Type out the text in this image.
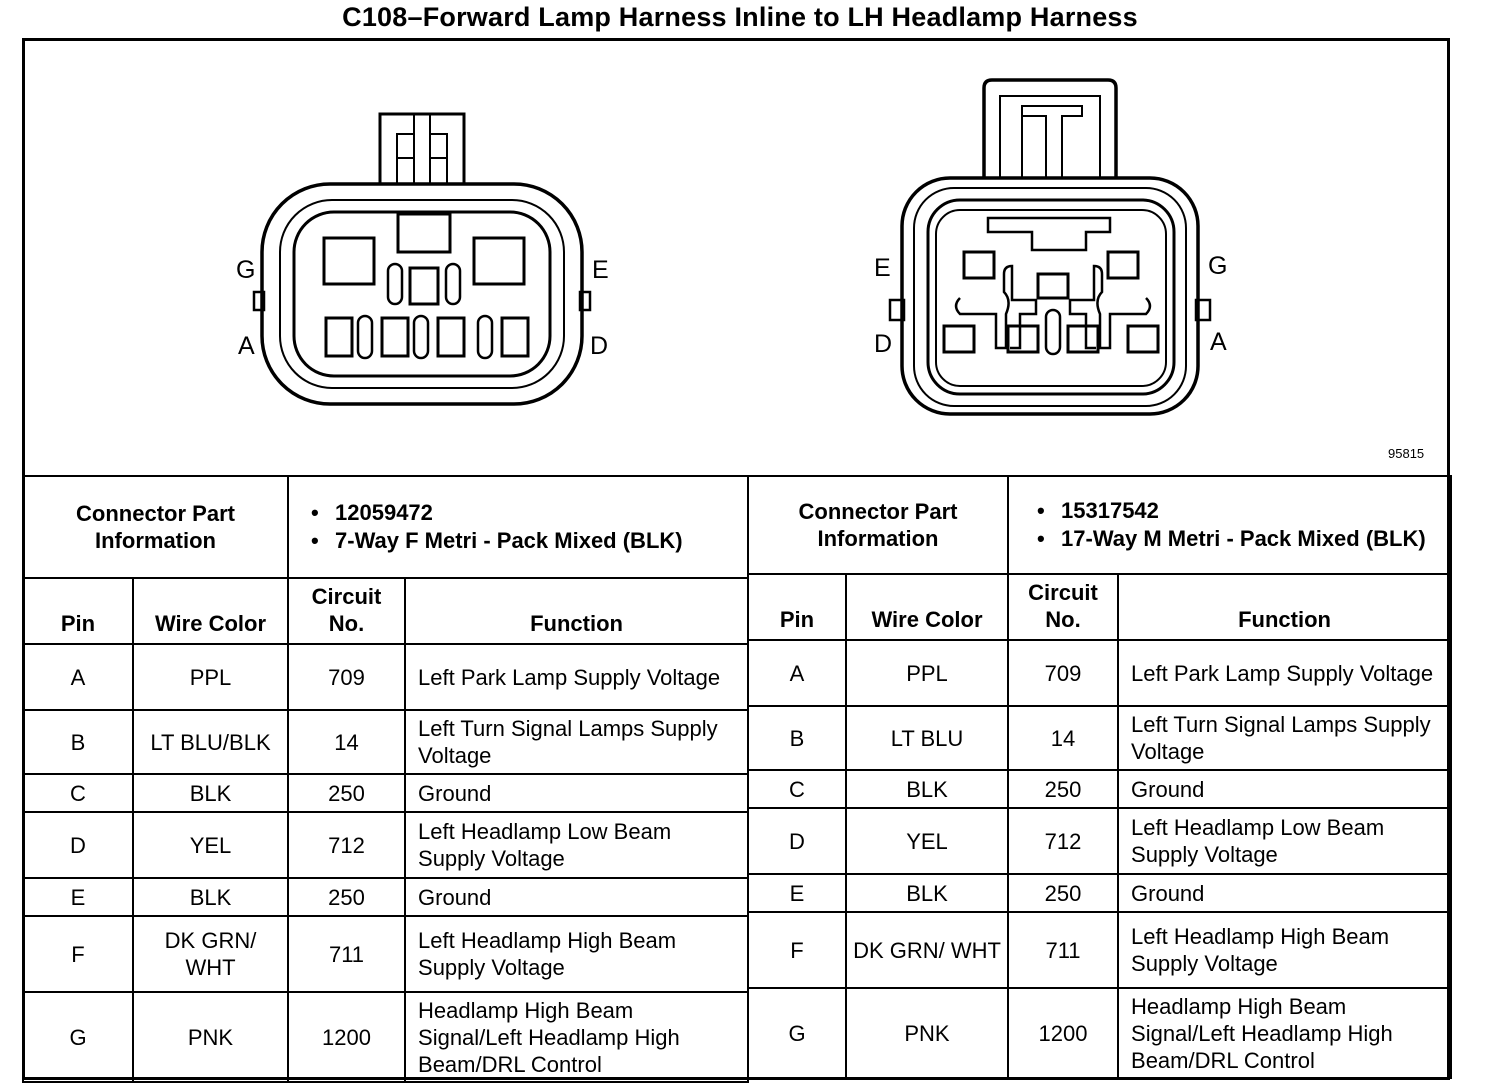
C108–Forward Lamp Harness Inline to LH Headlamp Harness
G
A
E
D
E
D
G
A
95815
Connector Part Information		• 12059472
• 7-Way F Metri - Pack Mixed (BLK)	

Pin	Wire Color	Circuit No.	Function
A	PPL	709	Left Park Lamp Supply Voltage
B	LT BLU/BLK	14	Left Turn Signal Lamps Supply Voltage
C	BLK	250	Ground
D	YEL	712	Left Headlamp Low Beam Supply Voltage
E	BLK	250	Ground
F	DK GRN/ WHT	711	Left Headlamp High Beam Supply Voltage
G	PNK	1200	Headlamp High Beam Signal/Left Headlamp High Beam/DRL Control
Connector Part Information		• 15317542
• 17-Way M Metri - Pack Mixed (BLK)	

Pin	Wire Color	Circuit No.	Function
A	PPL	709	Left Park Lamp Supply Voltage
B	LT BLU	14	Left Turn Signal Lamps Supply Voltage
C	BLK	250	Ground
D	YEL	712	Left Headlamp Low Beam Supply Voltage
E	BLK	250	Ground
F	DK GRN/ WHT	711	Left Headlamp High Beam Supply Voltage
G	PNK	1200	Headlamp High Beam Signal/Left Headlamp High Beam/DRL Control
